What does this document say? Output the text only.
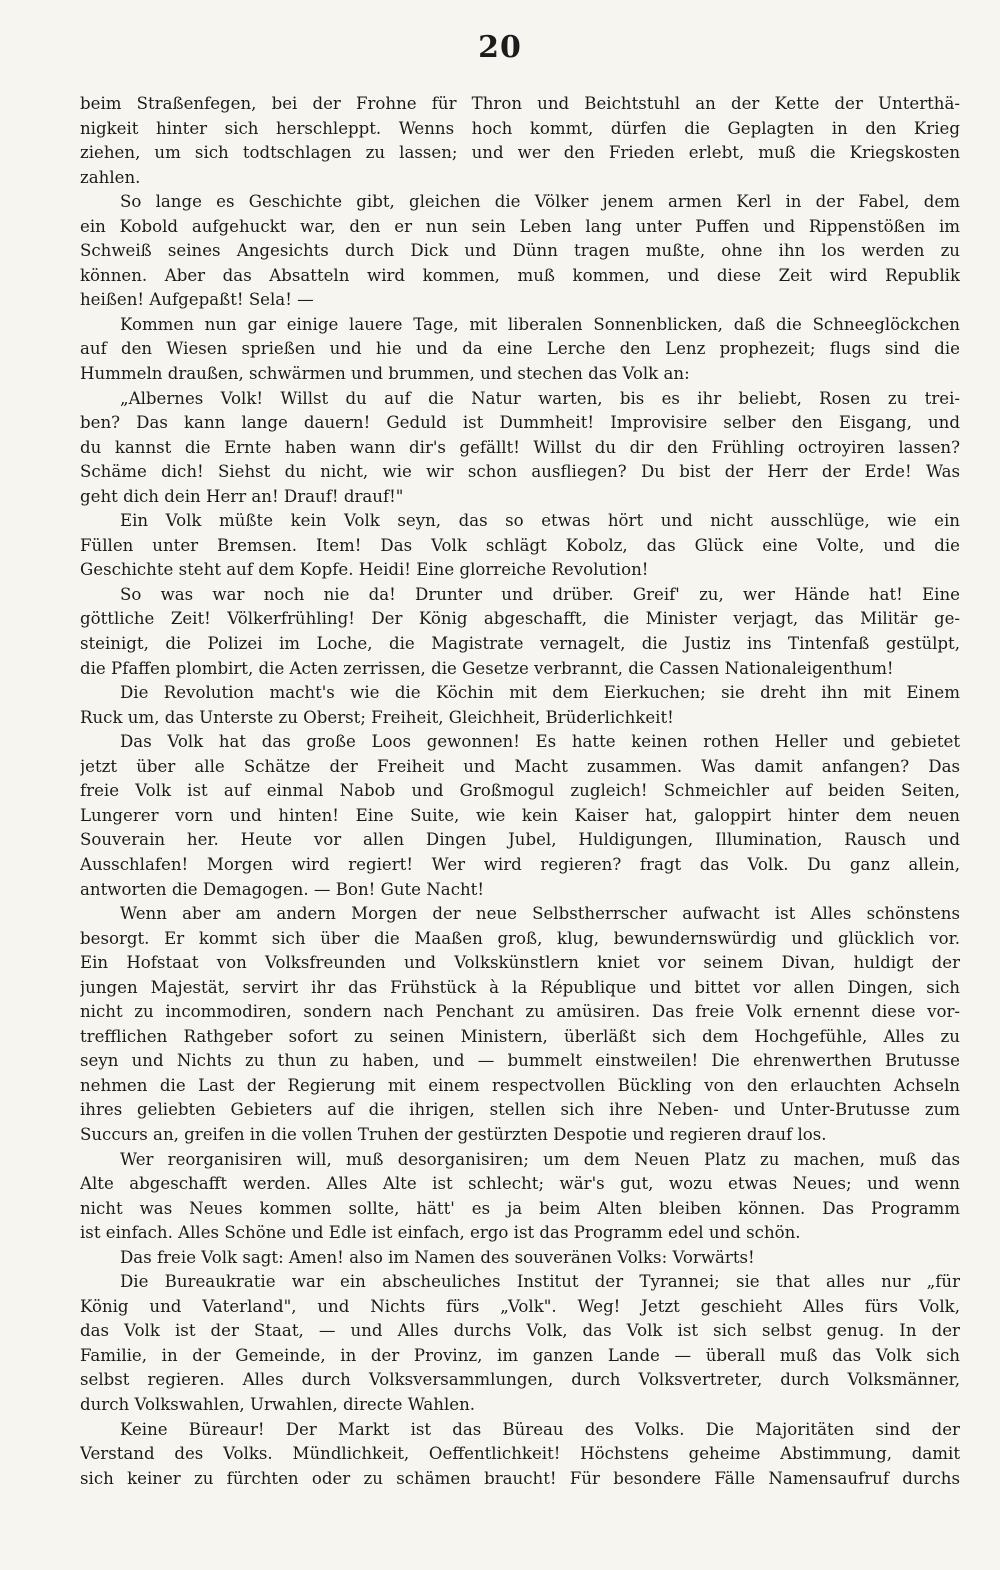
20
beim Straßenfegen, bei der Frohne für Thron und Beichtstuhl an der Kette der Unterthä-
nigkeit hinter sich herschleppt. Wenns hoch kommt, dürfen die Geplagten in den Krieg
ziehen, um sich todtschlagen zu lassen; und wer den Frieden erlebt, muß die Kriegskosten
zahlen.
So lange es Geschichte gibt, gleichen die Völker jenem armen Kerl in der Fabel, dem
ein Kobold aufgehuckt war, den er nun sein Leben lang unter Puffen und Rippenstößen im
Schweiß seines Angesichts durch Dick und Dünn tragen mußte, ohne ihn los werden zu
können. Aber das Absatteln wird kommen, muß kommen, und diese Zeit wird Republik
heißen! Aufgepaßt! Sela! —
Kommen nun gar einige lauere Tage, mit liberalen Sonnenblicken, daß die Schneeglöckchen
auf den Wiesen sprießen und hie und da eine Lerche den Lenz prophezeit; flugs sind die
Hummeln draußen, schwärmen und brummen, und stechen das Volk an:
„Albernes Volk! Willst du auf die Natur warten, bis es ihr beliebt, Rosen zu trei-
ben? Das kann lange dauern! Geduld ist Dummheit! Improvisire selber den Eisgang, und
du kannst die Ernte haben wann dir's gefällt! Willst du dir den Frühling octroyiren lassen?
Schäme dich! Siehst du nicht, wie wir schon ausfliegen? Du bist der Herr der Erde! Was
geht dich dein Herr an! Drauf! drauf!"
Ein Volk müßte kein Volk seyn, das so etwas hört und nicht ausschlüge, wie ein
Füllen unter Bremsen. Item! Das Volk schlägt Kobolz, das Glück eine Volte, und die
Geschichte steht auf dem Kopfe. Heidi! Eine glorreiche Revolution!
So was war noch nie da! Drunter und drüber. Greif' zu, wer Hände hat! Eine
göttliche Zeit! Völkerfrühling! Der König abgeschafft, die Minister verjagt, das Militär ge-
steinigt, die Polizei im Loche, die Magistrate vernagelt, die Justiz ins Tintenfaß gestülpt,
die Pfaffen plombirt, die Acten zerrissen, die Gesetze verbrannt, die Cassen Nationaleigenthum!
Die Revolution macht's wie die Köchin mit dem Eierkuchen; sie dreht ihn mit Einem
Ruck um, das Unterste zu Oberst; Freiheit, Gleichheit, Brüderlichkeit!
Das Volk hat das große Loos gewonnen! Es hatte keinen rothen Heller und gebietet
jetzt über alle Schätze der Freiheit und Macht zusammen. Was damit anfangen? Das
freie Volk ist auf einmal Nabob und Großmogul zugleich! Schmeichler auf beiden Seiten,
Lungerer vorn und hinten! Eine Suite, wie kein Kaiser hat, galoppirt hinter dem neuen
Souverain her. Heute vor allen Dingen Jubel, Huldigungen, Illumination, Rausch und
Ausschlafen! Morgen wird regiert! Wer wird regieren? fragt das Volk. Du ganz allein,
antworten die Demagogen. — Bon! Gute Nacht!
Wenn aber am andern Morgen der neue Selbstherrscher aufwacht ist Alles schönstens
besorgt. Er kommt sich über die Maaßen groß, klug, bewundernswürdig und glücklich vor.
Ein Hofstaat von Volksfreunden und Volkskünstlern kniet vor seinem Divan, huldigt der
jungen Majestät, servirt ihr das Frühstück à la République und bittet vor allen Dingen, sich
nicht zu incommodiren, sondern nach Penchant zu amüsiren. Das freie Volk ernennt diese vor-
trefflichen Rathgeber sofort zu seinen Ministern, überläßt sich dem Hochgefühle, Alles zu
seyn und Nichts zu thun zu haben, und — bummelt einstweilen! Die ehrenwerthen Brutusse
nehmen die Last der Regierung mit einem respectvollen Bückling von den erlauchten Achseln
ihres geliebten Gebieters auf die ihrigen, stellen sich ihre Neben- und Unter-Brutusse zum
Succurs an, greifen in die vollen Truhen der gestürzten Despotie und regieren drauf los.
Wer reorganisiren will, muß desorganisiren; um dem Neuen Platz zu machen, muß das
Alte abgeschafft werden. Alles Alte ist schlecht; wär's gut, wozu etwas Neues; und wenn
nicht was Neues kommen sollte, hätt' es ja beim Alten bleiben können. Das Programm
ist einfach. Alles Schöne und Edle ist einfach, ergo ist das Programm edel und schön.
Das freie Volk sagt: Amen! also im Namen des souveränen Volks: Vorwärts!
Die Bureaukratie war ein abscheuliches Institut der Tyrannei; sie that alles nur „für
König und Vaterland", und Nichts fürs „Volk". Weg! Jetzt geschieht Alles fürs Volk,
das Volk ist der Staat, — und Alles durchs Volk, das Volk ist sich selbst genug. In der
Familie, in der Gemeinde, in der Provinz, im ganzen Lande — überall muß das Volk sich
selbst regieren. Alles durch Volksversammlungen, durch Volksvertreter, durch Volksmänner,
durch Volkswahlen, Urwahlen, directe Wahlen.
Keine Büreaur! Der Markt ist das Büreau des Volks. Die Majoritäten sind der
Verstand des Volks. Mündlichkeit, Oeffentlichkeit! Höchstens geheime Abstimmung, damit
sich keiner zu fürchten oder zu schämen braucht! Für besondere Fälle Namensaufruf durchs
